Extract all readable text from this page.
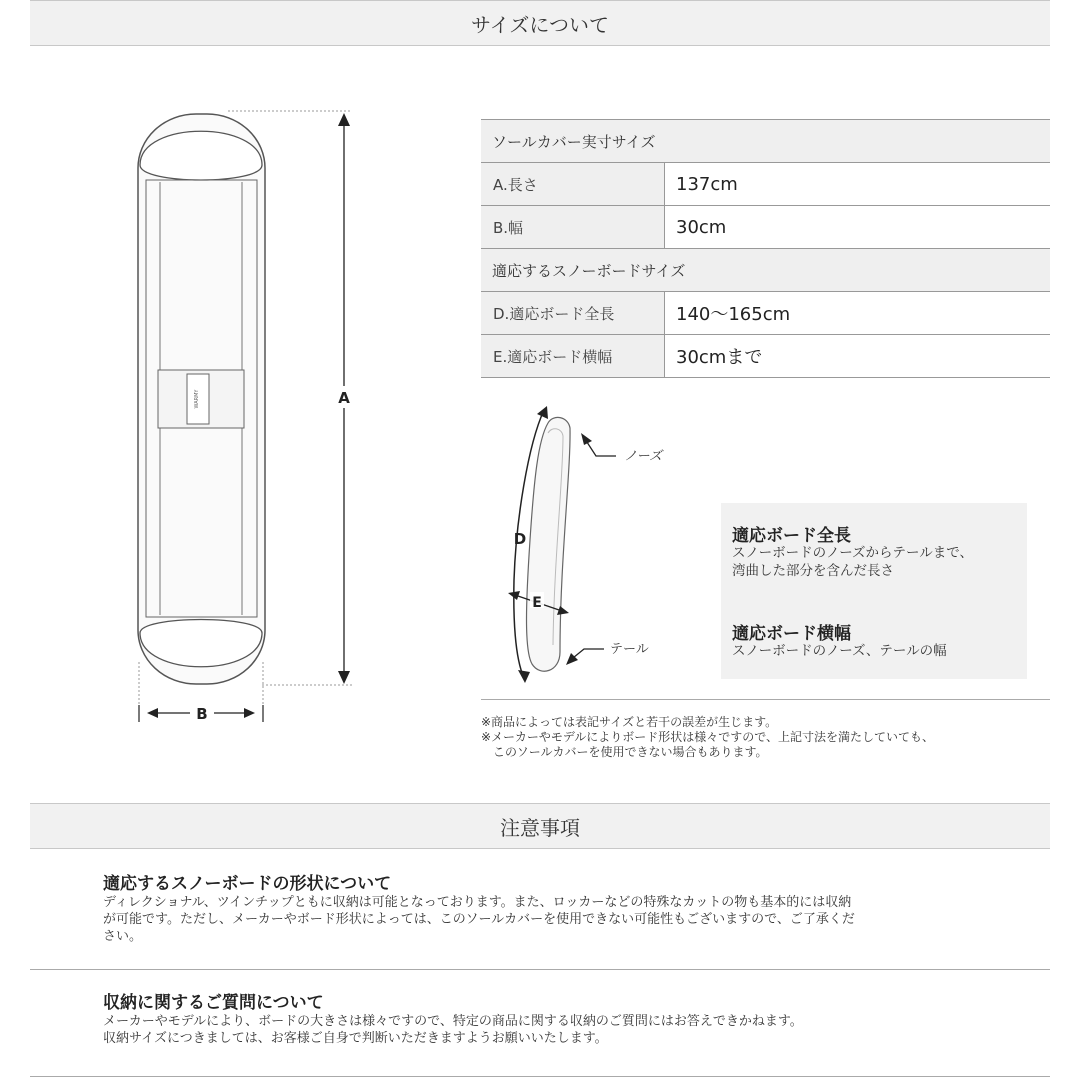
サイズについて
WARMY	A
B
ソールカバー実寸サイズ
A.長さ	137cm
B.幅	30cm
適応するスノーボードサイズ
D.適応ボード全長	140〜165cm
E.適応ボード横幅	30cmまで
D
E
ノーズ
テール
適応ボード全長
スノーボードのノーズからテールまで、
湾曲した部分を含んだ長さ
適応ボード横幅
スノーボードのノーズ、テールの幅
※商品によっては表記サイズと若干の誤差が生じます。
※メーカーやモデルによりボード形状は様々ですので、上記寸法を満たしていても、
このソールカバーを使用できない場合もあります。
注意事項
適応するスノーボードの形状について
ディレクショナル、ツインチップともに収納は可能となっております。また、ロッカーなどの特殊なカットの物も基本的には収納
が可能です。ただし、メーカーやボード形状によっては、このソールカバーを使用できない可能性もございますので、ご了承くだ
さい。
収納に関するご質問について
メーカーやモデルにより、ボードの大きさは様々ですので、特定の商品に関する収納のご質問にはお答えできかねます。
収納サイズにつきましては、お客様ご自身で判断いただきますようお願いいたします。
